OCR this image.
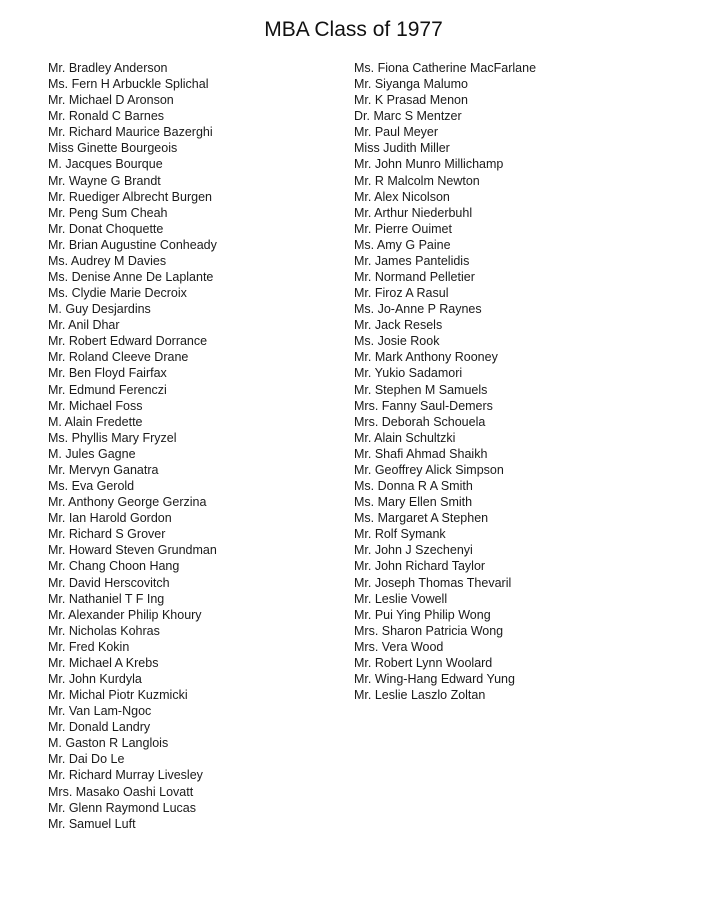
MBA Class of 1977
Mr. Bradley Anderson
Ms. Fern H Arbuckle Splichal
Mr. Michael D Aronson
Mr. Ronald C Barnes
Mr. Richard Maurice Bazerghi
Miss Ginette Bourgeois
M. Jacques Bourque
Mr. Wayne G Brandt
Mr. Ruediger Albrecht Burgen
Mr. Peng Sum Cheah
Mr. Donat Choquette
Mr. Brian Augustine Conheady
Ms. Audrey M Davies
Ms. Denise Anne De Laplante
Ms. Clydie Marie Decroix
M. Guy Desjardins
Mr. Anil Dhar
Mr. Robert Edward Dorrance
Mr. Roland Cleeve Drane
Mr. Ben Floyd Fairfax
Mr. Edmund Ferenczi
Mr. Michael Foss
M. Alain Fredette
Ms. Phyllis Mary Fryzel
M. Jules Gagne
Mr. Mervyn Ganatra
Ms. Eva Gerold
Mr. Anthony George Gerzina
Mr. Ian Harold Gordon
Mr. Richard S Grover
Mr. Howard Steven Grundman
Mr. Chang Choon Hang
Mr. David Herscovitch
Mr. Nathaniel T F Ing
Mr. Alexander Philip Khoury
Mr. Nicholas Kohras
Mr. Fred Kokin
Mr. Michael A Krebs
Mr. John Kurdyla
Mr. Michal Piotr Kuzmicki
Mr. Van Lam-Ngoc
Mr. Donald Landry
M. Gaston R Langlois
Mr. Dai Do Le
Mr. Richard Murray Livesley
Mrs. Masako Oashi Lovatt
Mr. Glenn Raymond Lucas
Mr. Samuel Luft
Ms. Fiona Catherine MacFarlane
Mr. Siyanga Malumo
Mr. K Prasad Menon
Dr. Marc S Mentzer
Mr. Paul Meyer
Miss Judith Miller
Mr. John Munro Millichamp
Mr. R Malcolm Newton
Mr. Alex Nicolson
Mr. Arthur Niederbuhl
Mr. Pierre Ouimet
Ms. Amy G Paine
Mr. James Pantelidis
Mr. Normand Pelletier
Mr. Firoz A Rasul
Ms. Jo-Anne P Raynes
Mr. Jack Resels
Ms. Josie Rook
Mr. Mark Anthony Rooney
Mr. Yukio Sadamori
Mr. Stephen M Samuels
Mrs. Fanny Saul-Demers
Mrs. Deborah Schouela
Mr. Alain Schultzki
Mr. Shafi Ahmad Shaikh
Mr. Geoffrey Alick Simpson
Ms. Donna R A Smith
Ms. Mary Ellen Smith
Ms. Margaret A Stephen
Mr. Rolf Symank
Mr. John J Szechenyi
Mr. John Richard Taylor
Mr. Joseph Thomas Thevaril
Mr. Leslie Vowell
Mr. Pui Ying Philip Wong
Mrs. Sharon Patricia Wong
Mrs. Vera Wood
Mr. Robert Lynn Woolard
Mr. Wing-Hang Edward Yung
Mr. Leslie Laszlo Zoltan
